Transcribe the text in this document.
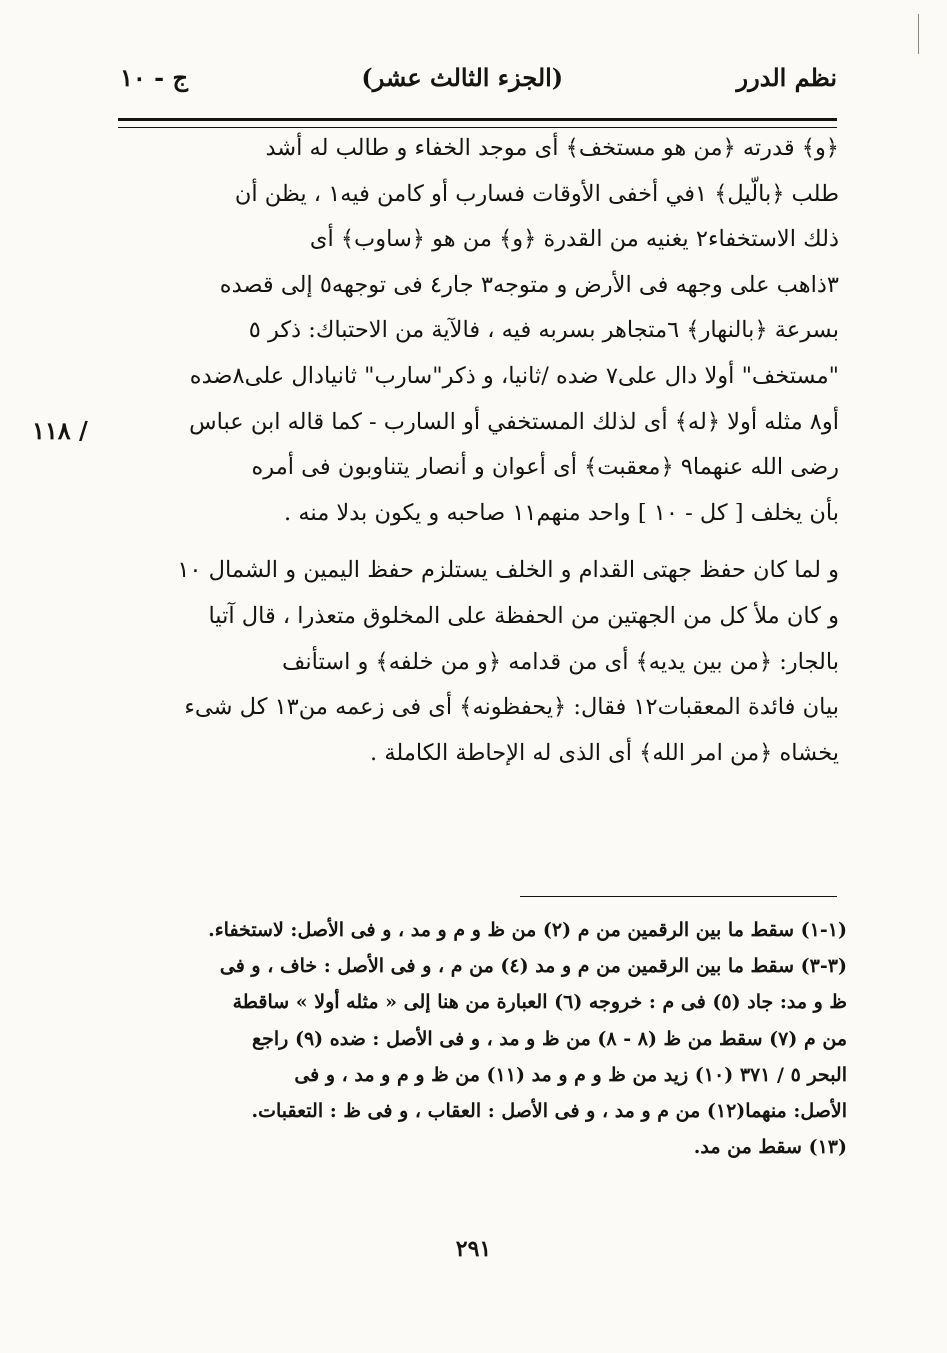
ج - ١٠	(الجزء الثالث عشر)	نظم الدرر
١١٨ /
﴿و﴾ قدرته ﴿من هو مستخف﴾ أى موجد الخفاء و طالب له أشد
طلب ﴿بالّيل﴾ ١في أخفى الأوقات فسارب أو كامن فيه١ ، يظن أن
ذلك الاستخفاء٢ يغنيه من القدرة ﴿و﴾ من هو ﴿ساوب﴾ أى
٣ذاهب على وجهه فى الأرض و متوجه٣ جار٤ فى توجهه٥ إلى قصده
بسرعة ﴿بالنهار﴾ ٦متجاهر بسربه فيه ، فالآية من الاحتباك: ذكر ٥
"مستخف" أولا دال على٧ ضده /ثانيا، و ذكر"سارب" ثانيادال على٨ضده
أو٨ مثله أولا ﴿له﴾ أى لذلك المستخفي أو السارب - كما قاله ابن عباس
رضى الله عنهما٩ ﴿معقبت﴾ أى أعوان و أنصار يتناوبون فى أمره
بأن يخلف [ كل - ١٠ ] واحد منهم١١ صاحبه و يكون بدلا منه .
و لما كان حفظ جهتى القدام و الخلف يستلزم حفظ اليمين و الشمال ١٠
و كان ملأ كل من الجهتين من الحفظة على المخلوق متعذرا ، قال آتيا
بالجار: ﴿من بين يديه﴾ أى من قدامه ﴿و من خلفه﴾ و استأنف
بيان فائدة المعقبات١٢ فقال: ﴿يحفظونه﴾ أى فى زعمه من١٣ كل شىء
يخشاه ﴿من امر الله﴾ أى الذى له الإحاطة الكاملة .
(١-١) سقط ما بين الرقمين من م (٢) من ظ و م و مد ، و فى الأصل: لاستخفاء.
(٣-٣) سقط ما بين الرقمين من م و مد (٤) من م ، و فى الأصل : خاف ، و فى
ظ و مد: جاد (٥) فى م : خروجه (٦) العبارة من هنا إلى « مثله أولا » ساقطة
من م (٧) سقط من ظ (٨ - ٨) من ظ و مد ، و فى الأصل : ضده (٩) راجع
البحر ٥ / ٣٧١ (١٠) زيد من ظ و م و مد (١١) من ظ و م و مد ، و فى
الأصل: منهما(١٢) من م و مد ، و فى الأصل : العقاب ، و فى ظ : التعقبات.
(١٣) سقط من مد.
٢٩١
